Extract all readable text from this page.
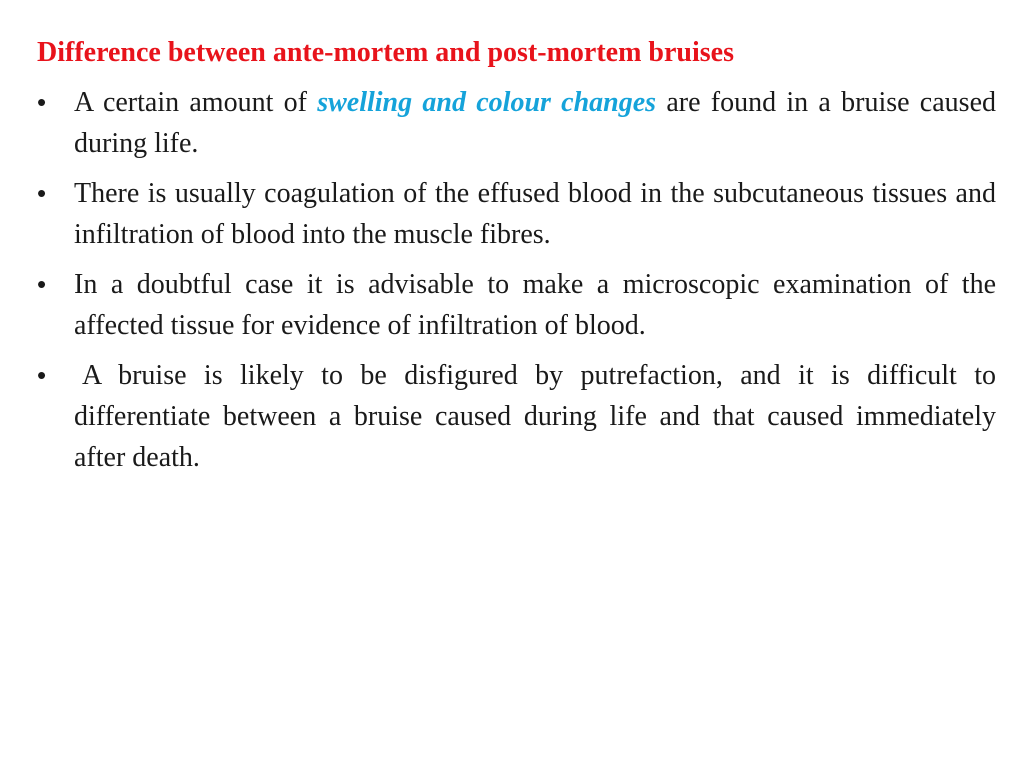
Difference between ante-mortem and post-mortem bruises
• A certain amount of swelling and colour changes are found in a bruise caused during life.
• There is usually coagulation of the effused blood in the subcutaneous tissues and infiltration of blood into the muscle fibres.
• In a doubtful case it is advisable to make a microscopic examination of the affected tissue for evidence of infiltration of blood.
• A bruise is likely to be disfigured by putrefaction, and it is difficult to differentiate between a bruise caused during life and that caused immediately after death.
